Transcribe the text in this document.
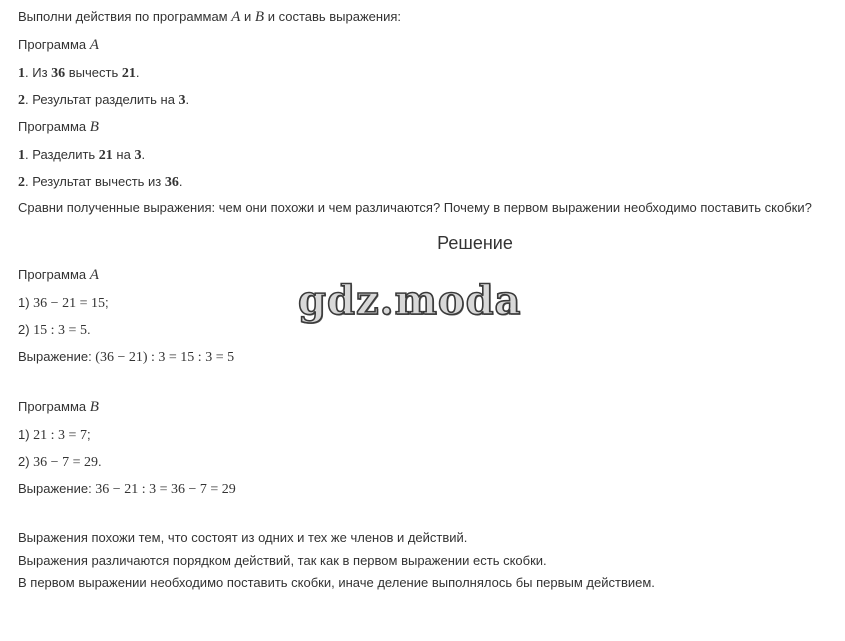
Выполни действия по программам A и B и составь выражения:
Программа A
1. Из 36 вычесть 21.
2. Результат разделить на 3.
Программа B
1. Разделить 21 на 3.
2. Результат вычесть из 36.
Сравни полученные выражения: чем они похожи и чем различаются? Почему в первом выражении необходимо поставить скобки?
Решение
Программа A
1) 36 − 21 = 15;
2) 15 : 3 = 5.
Выражение: (36 − 21) : 3 = 15 : 3 = 5
Программа B
1) 21 : 3 = 7;
2) 36 − 7 = 29.
Выражение: 36 − 21 : 3 = 36 − 7 = 29
Выражения похожи тем, что состоят из одних и тех же членов и действий.
Выражения различаются порядком действий, так как в первом выражении есть скобки.
В первом выражении необходимо поставить скобки, иначе деление выполнялось бы первым действием.
gdz.moda
